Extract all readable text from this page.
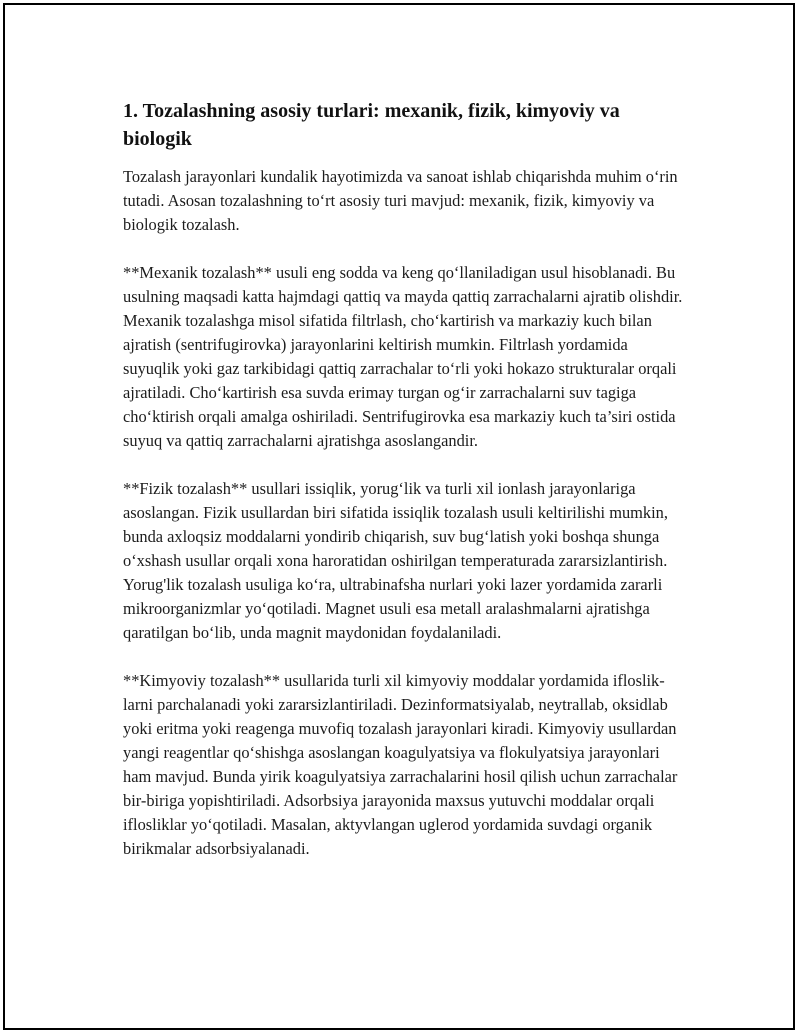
1. Tozalashning asosiy turlari: mexanik, fizik, kimyoviy va biologik

Tozalash jarayonlari kundalik hayotimizda va sanoat ishlab chiqarishda muhim o‘rin tutadi. Asosan tozalashning to‘rt asosiy turi mavjud: mexanik, fizik, kimyoviy va biologik tozalash.

**Mexanik tozalash** usuli eng sodda va keng qo‘llaniladigan usul hisoblanadi. Bu usulning maqsadi katta hajmdagi qattiq va mayda qattiq zarrachalarni ajratib olishdir. Mexanik tozalashga misol sifatida filtrlash, cho‘kartirish va markaziy kuch bilan ajratish (sentrifugirovka) jarayonlarini keltirish mumkin. Filtrlash yordamida suyuqlik yoki gaz tarkibidagi qattiq zarrachalar to‘rli yoki hokazo strukturalar orqali ajratiladi. Cho‘kartirish esa suvda erimay turgan og‘ir zarrachalarni suv tagiga cho‘ktirish orqali amalga oshiriladi. Sentrifugirovka esa markaziy kuch ta’siri ostida suyuq va qattiq zarrachalarni ajratishga asoslangandir.

**Fizik tozalash** usullari issiqlik, yorug‘lik va turli xil ionlash jarayonlariga asoslangan. Fizik usullardan biri sifatida issiqlik tozalash usuli keltirilishi mumkin, bunda axloqsiz moddalarni yondirib chiqarish, suv bug‘latish yoki boshqa shunga o‘xshash usullar orqali xona haroratidan oshirilgan temperaturada zararsizlantirish. Yorug'lik tozalash usuliga ko‘ra, ultrabinafsha nurlari yoki lazer yordamida zararli mikroorganizmlar yo‘qotiladi. Magnet usuli esa metall aralashmalarni ajratishga qaratilgan bo‘lib, unda magnit maydonidan foydalaniladi.

**Kimyoviy tozalash** usullarida turli xil kimyoviy moddalar yordamida iflosliklarni parchalanadi yoki zararsizlantiriladi. Dezinformatsiyalab, neytrallab, oksidlab yoki eritma yoki reagenga muvofiq tozalash jarayonlari kiradi. Kimyoviy usullardan yangi reagentlar qo‘shishga asoslangan koagulyatsiya va flokulyatsiya jarayonlari ham mavjud. Bunda yirik koagulyatsiya zarrachalarini hosil qilish uchun zarrachalar bir-biriga yopishtiriladi. Adsorbsiya jarayonida maxsus yutuvchi moddalar orqali iflosliklar yo‘qotiladi. Masalan, aktyvlangan uglerod yordamida suvdagi organik birikmalar adsorbsiyalanadi.
